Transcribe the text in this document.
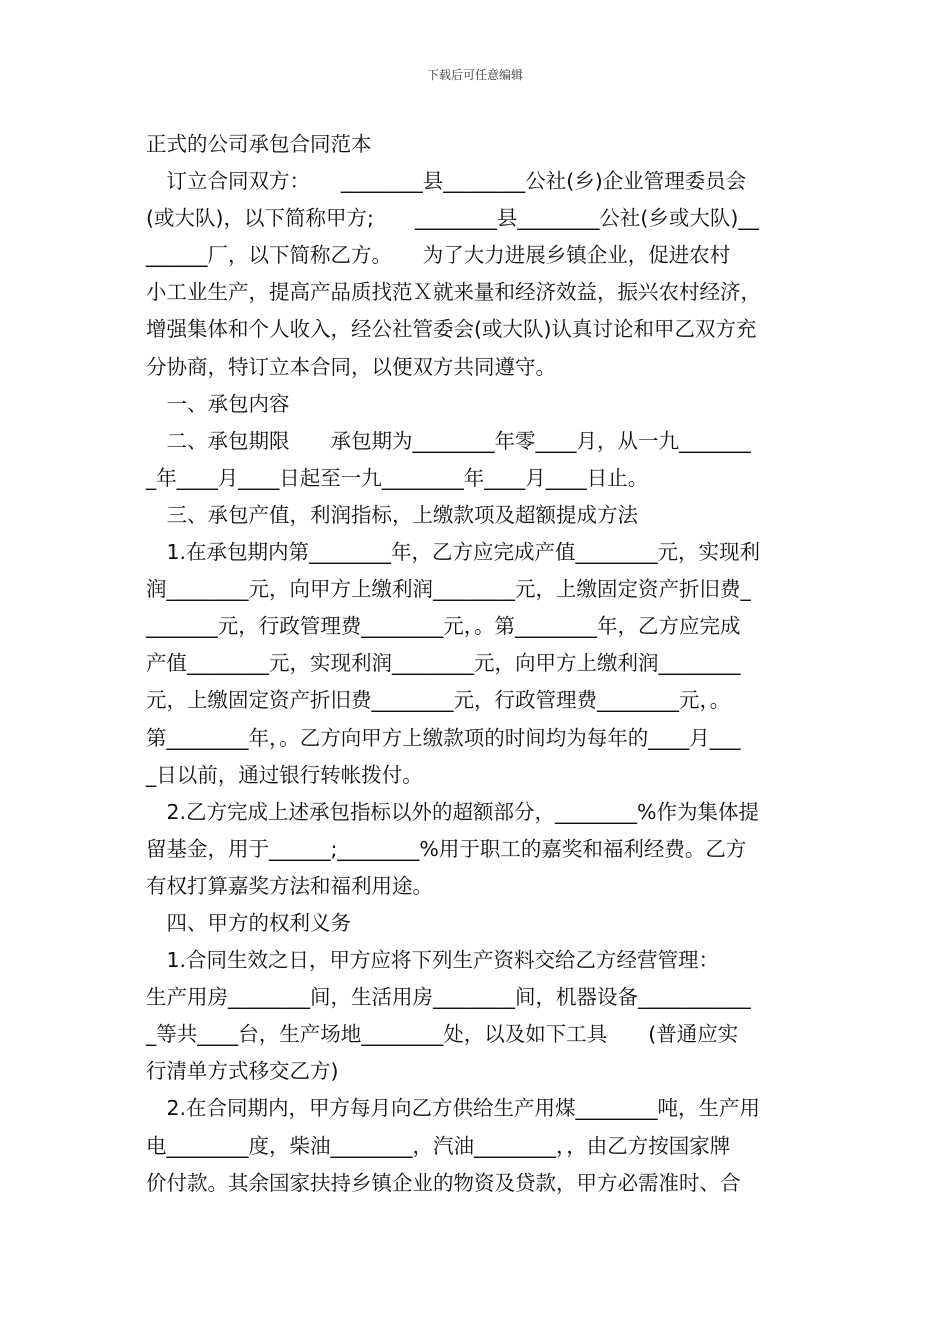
下载后可任意编辑

正式的公司承包合同范本

　订立合同双方：　　________县________公社(乡)企业管理委员会

(或大队)，以下简称甲方;　　________县________公社(乡或大队)__

______厂，以下简称乙方。　　为了大力进展乡镇企业，促进农村

小工业生产，提高产品质找范Ｘ就来量和经济效益，振兴农村经济，

增强集体和个人收入，经公社管委会(或大队)认真讨论和甲乙双方充

分协商，特订立本合同，以便双方共同遵守。

　一、承包内容

　二、承包期限　　承包期为________年零____月，从一九_______

_年____月____日起至一九________年____月____日止。

　三、承包产值，利润指标，上缴款项及超额提成方法

　1.在承包期内第________年，乙方应完成产值________元，实现利

润________元，向甲方上缴利润________元，上缴固定资产折旧费_

_______元，行政管理费________元，。第________年，乙方应完成

产值________元，实现利润________元，向甲方上缴利润________

元，上缴固定资产折旧费________元，行政管理费________元，。

第________年，。乙方向甲方上缴款项的时间均为每年的____月___

_日以前，通过银行转帐拨付。

　2.乙方完成上述承包指标以外的超额部分，________%作为集体提

留基金，用于______;________%用于职工的嘉奖和福利经费。乙方

有权打算嘉奖方法和福利用途。

　四、甲方的权利义务

　1.合同生效之日，甲方应将下列生产资料交给乙方经营管理：

生产用房________间，生活用房________间，机器设备___________

_等共____台，生产场地________处，以及如下工具　　(普通应实

行清单方式移交乙方)

　2.在合同期内，甲方每月向乙方供给生产用煤________吨，生产用

电________度，柴油________，汽油________，，由乙方按国家牌

价付款。其余国家扶持乡镇企业的物资及贷款，甲方必需准时、合
